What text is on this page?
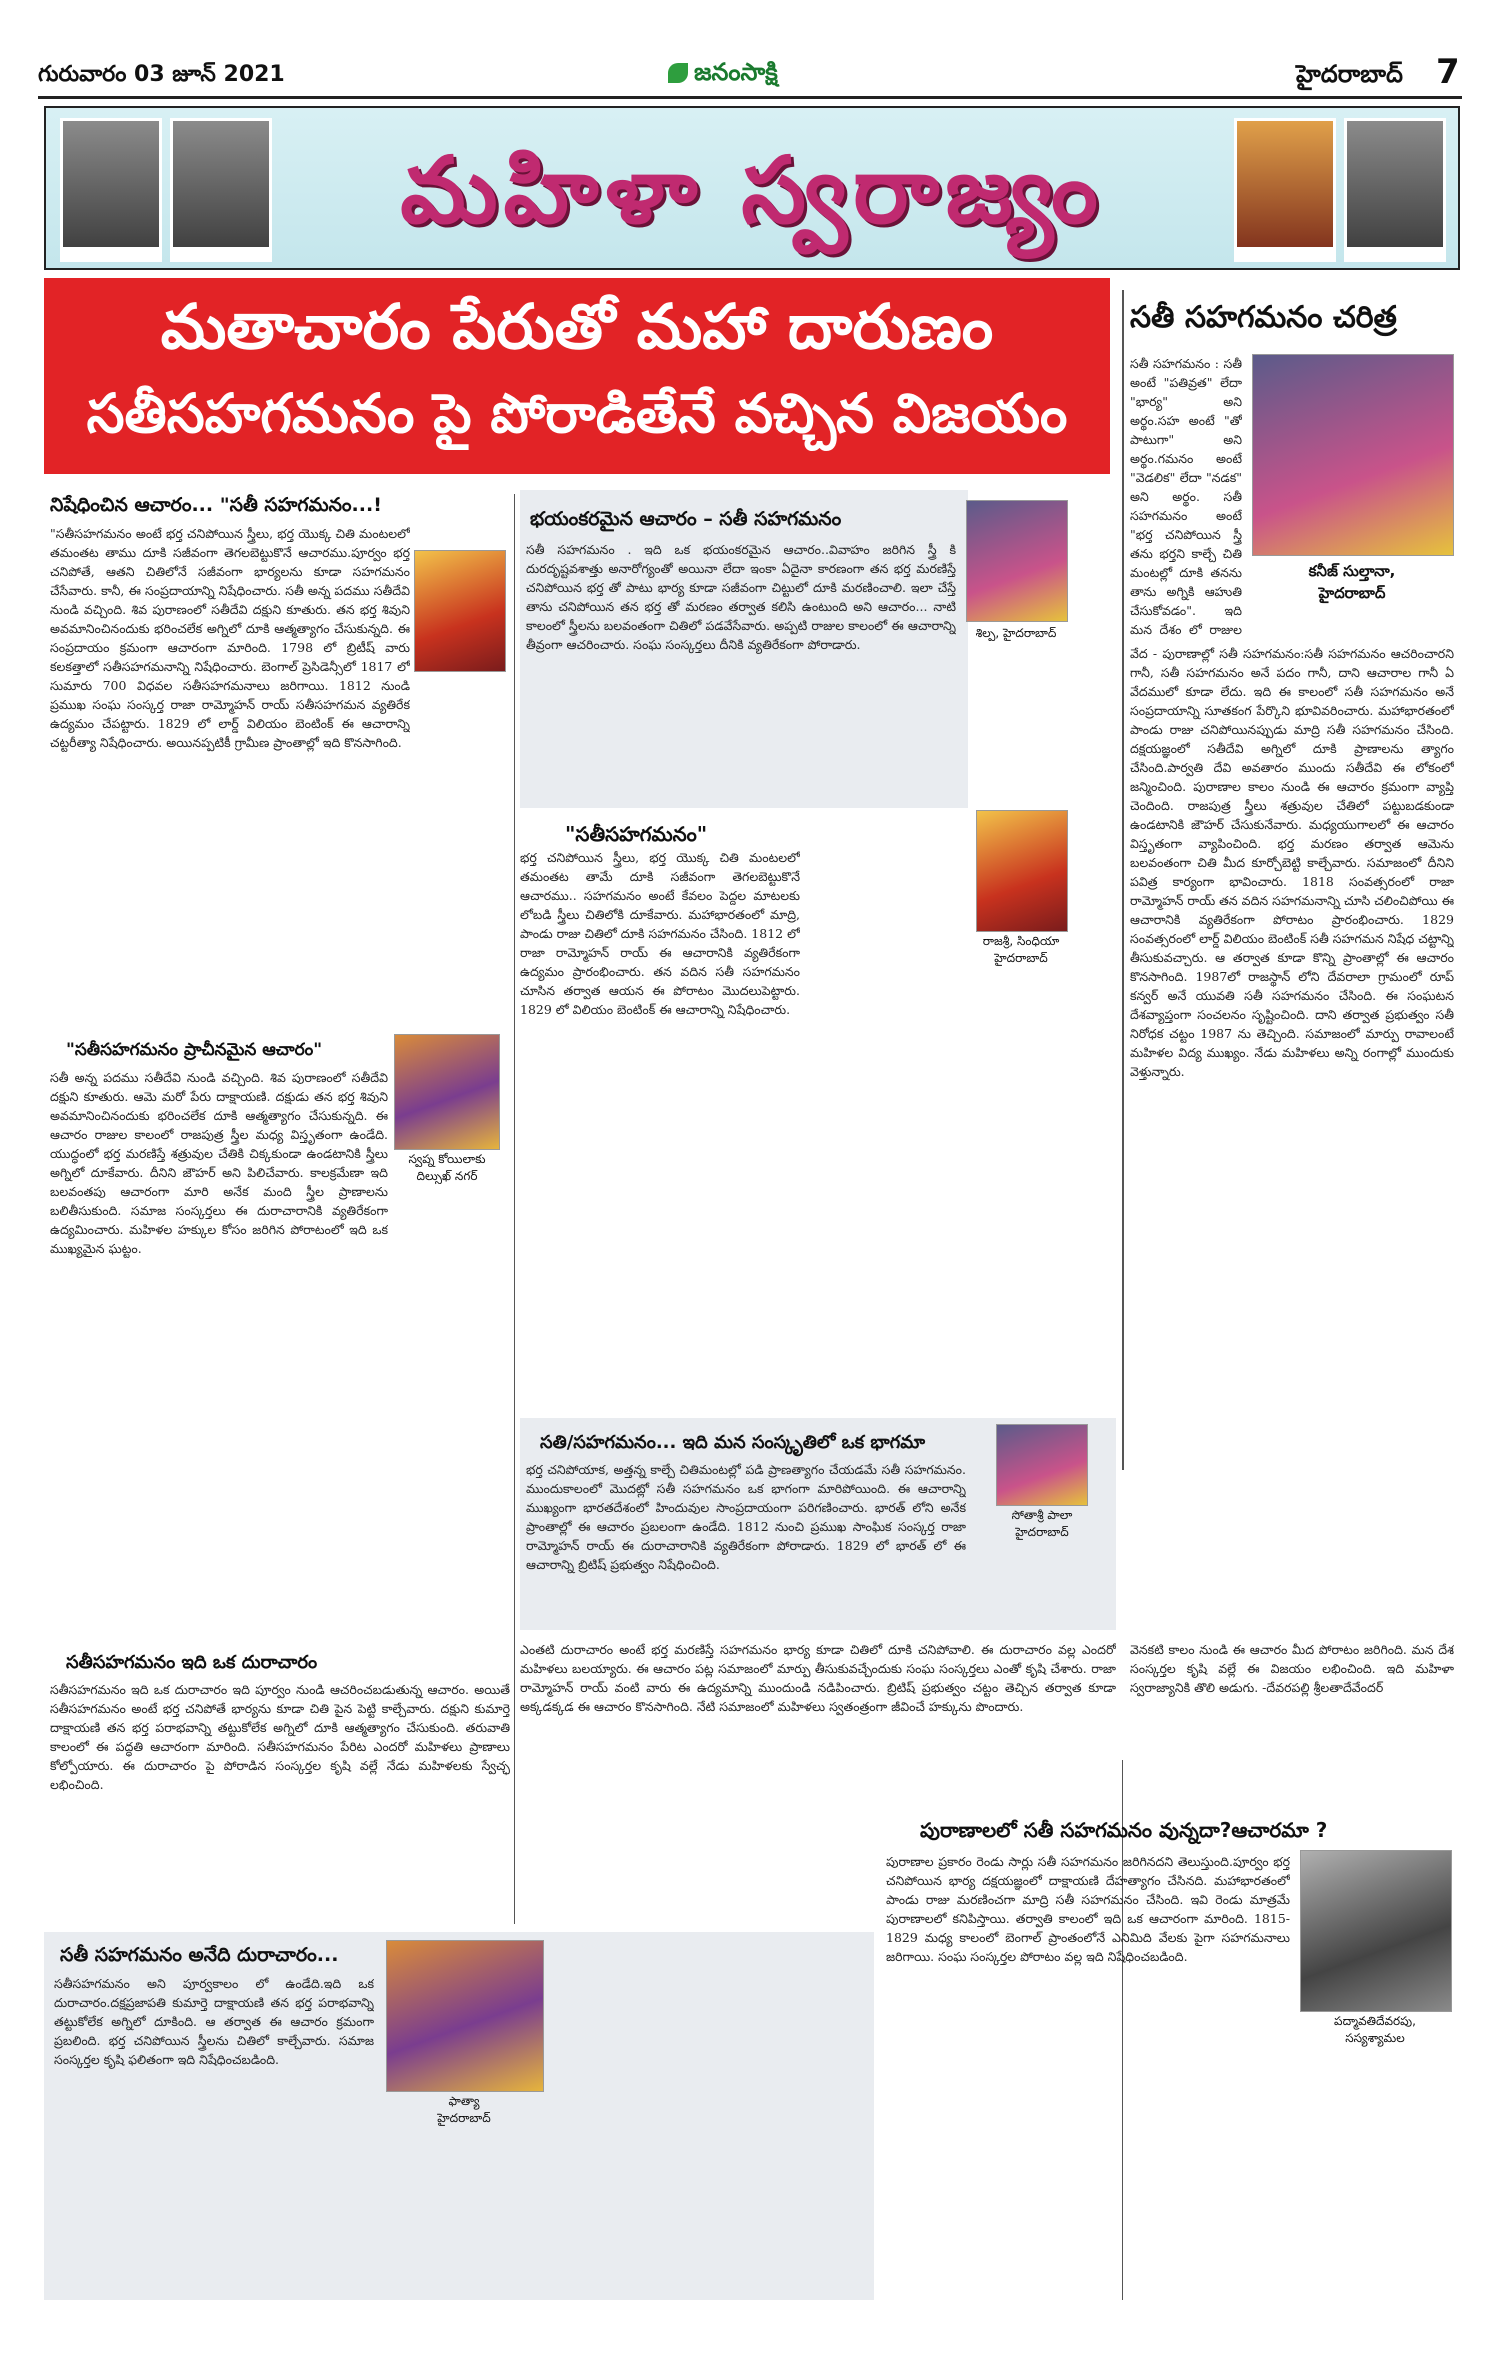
గురువారం 03 జూన్ 2021	జనంసాక్షి	హైదరాబాద్ 7
మహిళా స్వరాజ్యం
మతాచారం పేరుతో మహా దారుణం
సతీసహగమనం పై పోరాడితేనే వచ్చిన విజయం
సతీ సహగమనం చరిత్ర
సతీ సహగమనం : సతీ అంటే "పతివ్రత" లేదా "భార్య" అని అర్థం.సహ అంటే "తో పాటుగా" అని అర్థం.గమనం అంటే "వెడలిక" లేదా "నడక" అని అర్థం. సతీ సహగమనం అంటే "భర్త చనిపోయిన స్త్రీ తను భర్తని కాల్చే చితి మంటల్లో దూకి తనను తాను అగ్నికి ఆహుతి చేసుకోవడం". ఇది మన దేశం లో రాజుల
కనీజ్ సుల్తానా,
హైదరాబాద్
వేద - పురాణాల్లో సతీ సహగమనం:సతీ సహగమనం ఆచరించారని గానీ, సతీ సహగమనం అనే పదం గానీ, దాని ఆచారాల గానీ ఏ వేదములో కూడా లేదు. ఇది ఈ కాలంలో సతీ సహగమనం అనే సంప్రదాయాన్ని సూతకంగ పేర్కొని భూవివరించారు. మహాభారతంలో పాండు రాజు చనిపోయినప్పుడు మాద్రి సతీ సహగమనం చేసింది. దక్షయజ్ఞంలో సతీదేవి అగ్నిలో దూకి ప్రాణాలను త్యాగం చేసింది.పార్వతి దేవి అవతారం ముందు సతీదేవి ఈ లోకంలో జన్మించింది. పురాణాల కాలం నుండి ఈ ఆచారం క్రమంగా వ్యాప్తి చెందింది. రాజపుత్ర స్త్రీలు శత్రువుల చేతిలో పట్టుబడకుండా ఉండటానికి జౌహర్ చేసుకునేవారు. మధ్యయుగాలలో ఈ ఆచారం విస్తృతంగా వ్యాపించింది. భర్త మరణం తర్వాత ఆమెను బలవంతంగా చితి మీద కూర్చోబెట్టి కాల్చేవారు. సమాజంలో దీనిని పవిత్ర కార్యంగా భావించారు. 1818 సంవత్సరంలో రాజా రామ్మోహన్ రాయ్ తన వదిన సహగమనాన్ని చూసి చలించిపోయి ఈ ఆచారానికి వ్యతిరేకంగా పోరాటం ప్రారంభించారు. 1829 సంవత్సరంలో లార్డ్ విలియం బెంటింక్ సతీ సహగమన నిషేధ చట్టాన్ని తీసుకువచ్చారు. ఆ తర్వాత కూడా కొన్ని ప్రాంతాల్లో ఈ ఆచారం కొనసాగింది. 1987లో రాజస్థాన్ లోని దేవరాలా గ్రామంలో రూప్ కన్వర్ అనే యువతి సతీ సహగమనం చేసింది. ఈ సంఘటన దేశవ్యాప్తంగా సంచలనం సృష్టించింది. దాని తర్వాత ప్రభుత్వం సతీ నిరోధక చట్టం 1987 ను తెచ్చింది. సమాజంలో మార్పు రావాలంటే మహిళల విద్య ముఖ్యం. నేడు మహిళలు అన్ని రంగాల్లో ముందుకు వెళ్తున్నారు.
వెనకటి కాలం నుండి ఈ ఆచారం మీద పోరాటం జరిగింది. మన దేశ సంస్కర్తల కృషి వల్లే ఈ విజయం లభించింది. ఇది మహిళా స్వరాజ్యానికి తొలి అడుగు. -దేవరపల్లి శ్రీలతాదేవేందర్
నిషేధించిన ఆచారం... "సతీ సహగమనం...!
"సతీసహగమనం అంటే భర్త చనిపోయిన స్త్రీలు, భర్త యొక్క చితి మంటలలో తమంతట తాము దూకి సజీవంగా తెగలబెట్టుకొనే ఆచారము.పూర్వం భర్త చనిపోతే, ఆతని చితిలోనే సజీవంగా భార్యలను కూడా సహగమనం చేసేవారు. కానీ, ఈ సంప్రదాయాన్ని నిషేధించారు. సతీ అన్న పదము సతీదేవి నుండి వచ్చింది. శివ పురాణంలో సతీదేవి దక్షుని కూతురు. తన భర్త శివుని అవమానించినందుకు భరించలేక అగ్నిలో దూకి ఆత్మత్యాగం చేసుకున్నది. ఈ సంప్రదాయం క్రమంగా ఆచారంగా మారింది. 1798 లో బ్రిటీష్ వారు కలకత్తాలో సతీసహగమనాన్ని నిషేధించారు. బెంగాల్ ప్రెసిడెన్సీలో 1817 లో సుమారు 700 విధవల సతీసహగమనాలు జరిగాయి. 1812 నుండి ప్రముఖ సంఘ సంస్కర్త రాజా రామ్మోహన్ రాయ్ సతీసహగమన వ్యతిరేక ఉద్యమం చేపట్టారు. 1829 లో లార్డ్ విలియం బెంటింక్ ఈ ఆచారాన్ని చట్టరీత్యా నిషేధించారు. అయినప్పటికీ గ్రామీణ ప్రాంతాల్లో ఇది కొనసాగింది.
"సతీసహగమనం ప్రాచీనమైన ఆచారం"
సతీ అన్న పదము సతీదేవి నుండి వచ్చింది. శివ పురాణంలో సతీదేవి దక్షుని కూతురు. ఆమె మరో పేరు దాక్షాయణి. దక్షుడు తన భర్త శివుని అవమానించినందుకు భరించలేక దూకి ఆత్మత్యాగం చేసుకున్నది. ఈ ఆచారం రాజుల కాలంలో రాజపుత్ర స్త్రీల మధ్య విస్తృతంగా ఉండేది. యుద్ధంలో భర్త మరణిస్తే శత్రువుల చేతికి చిక్కకుండా ఉండటానికి స్త్రీలు అగ్నిలో దూకేవారు. దీనిని జౌహర్ అని పిలిచేవారు. కాలక్రమేణా ఇది బలవంతపు ఆచారంగా మారి అనేక మంది స్త్రీల ప్రాణాలను బలితీసుకుంది. సమాజ సంస్కర్తలు ఈ దురాచారానికి వ్యతిరేకంగా ఉద్యమించారు. మహిళల హక్కుల కోసం జరిగిన పోరాటంలో ఇది ఒక ముఖ్యమైన ఘట్టం.
స్వప్న కోయిలాకు
దిల్సుఖ్ నగర్
సతీసహగమనం ఇది ఒక దురాచారం
సతీసహగమనం ఇది ఒక దురాచారం ఇది పూర్వం నుండి ఆచరించబడుతున్న ఆచారం. అయితే సతీసహగమనం అంటే భర్త చనిపోతే భార్యను కూడా చితి పైన పెట్టి కాల్చేవారు. దక్షుని కుమార్తె దాక్షాయణి తన భర్త పరాభవాన్ని తట్టుకోలేక అగ్నిలో దూకి ఆత్మత్యాగం చేసుకుంది. తరువాతి కాలంలో ఈ పద్ధతి ఆచారంగా మారింది. సతీసహగమనం పేరిట ఎందరో మహిళలు ప్రాణాలు కోల్పోయారు. ఈ దురాచారం పై పోరాడిన సంస్కర్తల కృషి వల్లే నేడు మహిళలకు స్వేచ్ఛ లభించింది.
భయంకరమైన ఆచారం – సతీ సహగమనం
శిల్ప, హైదరాబాద్
సతీ సహగమనం . ఇది ఒక భయంకరమైన ఆచారం..వివాహం జరిగిన స్త్రీ కి దురదృష్టవశాత్తు అనారోగ్యంతో అయినా లేదా ఇంకా ఏదైనా కారణంగా తన భర్త మరణిస్తే చనిపోయిన భర్త తో పాటు భార్య కూడా సజీవంగా చిట్టులో దూకి మరణించాలి. ఇలా చేస్తే తాను చనిపోయిన తన భర్త తో మరణం తర్వాత కలిసి ఉంటుంది అని ఆచారం... నాటి కాలంలో స్త్రీలను బలవంతంగా చితిలో పడవేసేవారు. అప్పటి రాజుల కాలంలో ఈ ఆచారాన్ని తీవ్రంగా ఆచరించారు. సంఘ సంస్కర్తలు దీనికి వ్యతిరేకంగా పోరాడారు.
"సతీసహగమనం"
భర్త చనిపోయిన స్త్రీలు, భర్త యొక్క చితి మంటలలో తమంతట తామే దూకి సజీవంగా తెగలబెట్టుకొనే ఆచారము.. సహగమనం అంటే కేవలం పెద్దల మాటలకు లోబడి స్త్రీలు చితిలోకి దూకేవారు. మహాభారతంలో మాద్రి, పాండు రాజు చితిలో దూకి సహగమనం చేసింది. 1812 లో రాజా రామ్మోహన్ రాయ్ ఈ ఆచారానికి వ్యతిరేకంగా ఉద్యమం ప్రారంభించారు. తన వదిన సతీ సహగమనం చూసిన తర్వాత ఆయన ఈ పోరాటం మొదలుపెట్టారు. 1829 లో విలియం బెంటింక్ ఈ ఆచారాన్ని నిషేధించారు.
రాజశ్రీ, సింధియా
హైదరాబాద్
సతి/సహగమనం... ఇది మన సంస్కృతిలో ఒక భాగమా
సోతాశ్రీ పాలా
హైదరాబాద్
భర్త చనిపోయాక, అత్తన్న కాల్చే చితిమంటల్లో పడి ప్రాణత్యాగం చేయడమే సతీ సహగమనం. ముందుకాలంలో మొదట్లో సతీ సహగమనం ఒక భాగంగా మారిపోయింది. ఈ ఆచారాన్ని ముఖ్యంగా భారతదేశంలో హిందువుల సాంప్రదాయంగా పరిగణించారు. భారత్ లోని అనేక ప్రాంతాల్లో ఈ ఆచారం ప్రబలంగా ఉండేది. 1812 నుంచి ప్రముఖ సాంఘిక సంస్కర్త రాజా రామ్మోహన్ రాయ్ ఈ దురాచారానికి వ్యతిరేకంగా పోరాడారు. 1829 లో భారత్ లో ఈ ఆచారాన్ని బ్రిటిష్ ప్రభుత్వం నిషేధించింది.
ఎంతటి దురాచారం అంటే భర్త మరణిస్తే సహగమనం భార్య కూడా చితిలో దూకి చనిపోవాలి. ఈ దురాచారం వల్ల ఎందరో మహిళలు బలయ్యారు. ఈ ఆచారం పట్ల సమాజంలో మార్పు తీసుకువచ్చేందుకు సంఘ సంస్కర్తలు ఎంతో కృషి చేశారు. రాజా రామ్మోహన్ రాయ్ వంటి వారు ఈ ఉద్యమాన్ని ముందుండి నడిపించారు. బ్రిటిష్ ప్రభుత్వం చట్టం తెచ్చిన తర్వాత కూడా అక్కడక్కడ ఈ ఆచారం కొనసాగింది. నేటి సమాజంలో మహిళలు స్వతంత్రంగా జీవించే హక్కును పొందారు.
సతీ సహగమనం అనేది దురాచారం...
సతీసహగమనం అని పూర్వకాలం లో ఉండేది.ఇది ఒక దురాచారం.దక్షప్రజాపతి కుమార్తె దాక్షాయణి తన భర్త పరాభవాన్ని తట్టుకోలేక అగ్నిలో దూకింది. ఆ తర్వాత ఈ ఆచారం క్రమంగా ప్రబలింది. భర్త చనిపోయిన స్త్రీలను చితిలో కాల్చేవారు. సమాజ సంస్కర్తల కృషి ఫలితంగా ఇది నిషేధించబడింది.
ఫాత్యా
హైదరాబాద్
పురాణాలలో సతీ సహగమనం వున్నదా?ఆచారమా ?
పురాణాల ప్రకారం రెండు సార్లు సతీ సహగమనం జరిగినదని తెలుస్తుంది.పూర్వం భర్త చనిపోయిన భార్య దక్షయజ్ఞంలో దాక్షాయణి దేహత్యాగం చేసినది. మహాభారతంలో పాండు రాజు మరణించగా మాద్రి సతీ సహగమనం చేసింది. ఇవి రెండు మాత్రమే పురాణాలలో కనిపిస్తాయి. తర్వాతి కాలంలో ఇది ఒక ఆచారంగా మారింది. 1815-1829 మధ్య కాలంలో బెంగాల్ ప్రాంతంలోనే ఎనిమిది వేలకు పైగా సహగమనాలు జరిగాయి. సంఘ సంస్కర్తల పోరాటం వల్ల ఇది నిషేధించబడింది.
పద్మావతిదేవరపు,
సస్యశ్యామల
